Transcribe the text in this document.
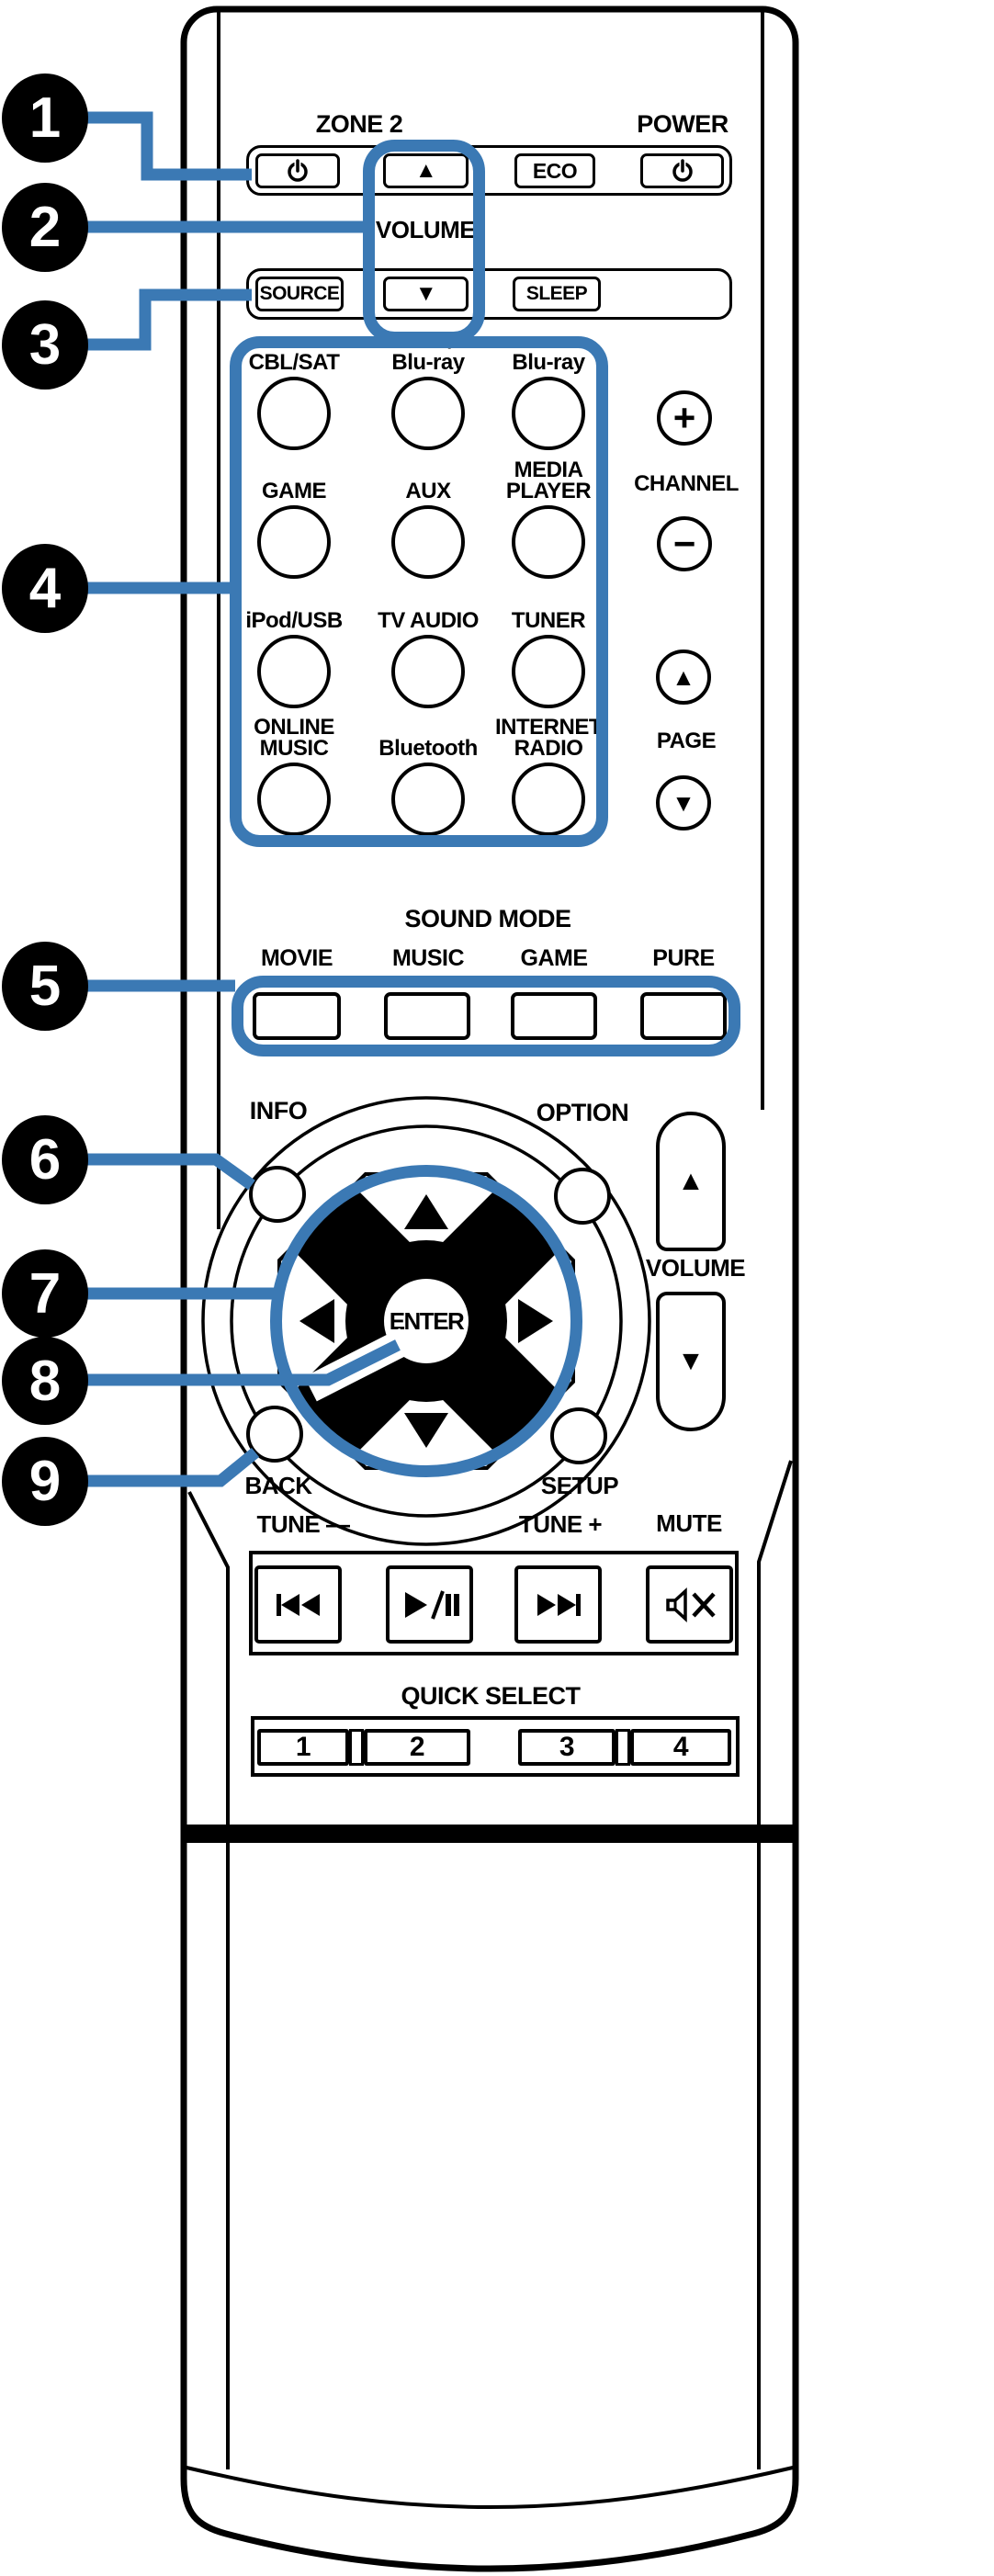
ZONE 2	POWER
▲	ECO
VOLUME
SOURCE	▼	SLEEP
CBL/SAT
DVD/
Blu-ray Blu-ray
GAME	AUX
MEDIA
PLAYER
iPod/USB TV AUDIO TUNER
ONLINE
MUSIC Bluetooth
INTERNET
RADIO
+
CHANNEL
−
▲
PAGE
▼
SOUND MODE
MOVIE	MUSIC	GAME	PURE
INFO	OPTION
ENTER
BACK	SETUP
▲
VOLUME
▼
TUNE —	TUNE +	MUTE
QUICK SELECT
1	2	3	4
1
2
3
4
5
6
7
8
9
